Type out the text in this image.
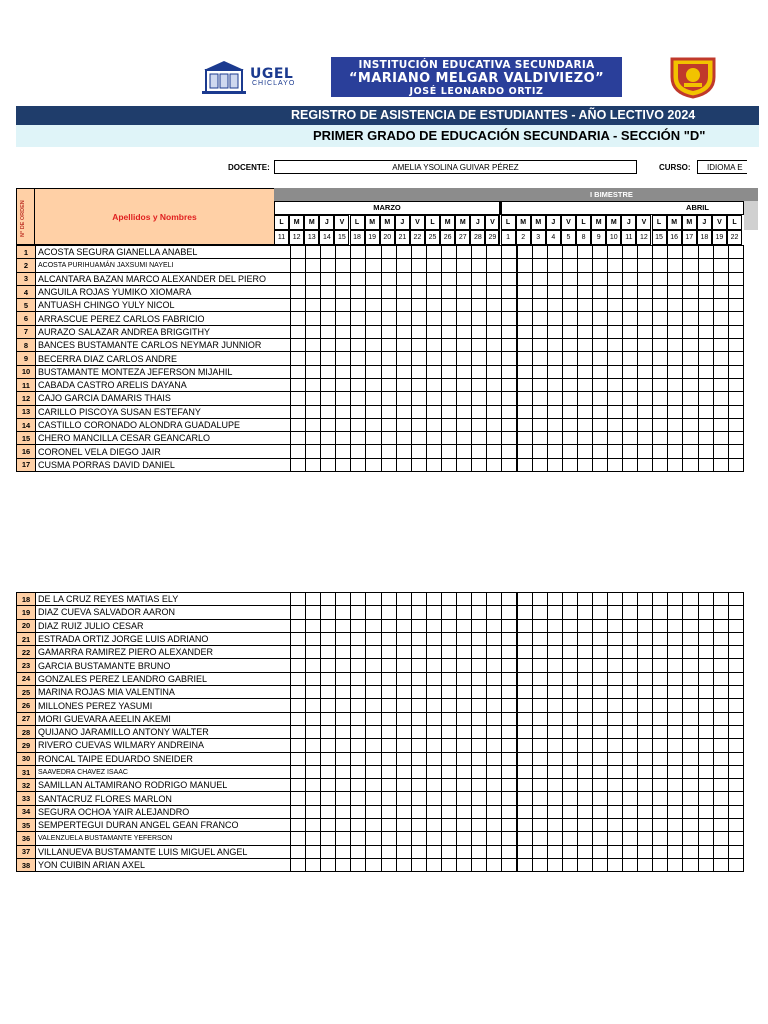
UGEL
CHICLAYO
INSTITUCIÓN EDUCATIVA SECUNDARIA
“MARIANO MELGAR VALDIVIEZO”
JOSÉ LEONARDO ORTIZ
REGISTRO DE ASISTENCIA DE ESTUDIANTES - AÑO LECTIVO 2024
PRIMER GRADO DE EDUCACIÓN SECUNDARIA - SECCIÓN "D"
DOCENTE:	AMELIA YSOLINA GUIVAR PÉREZ	CURSO:	IDIOMA E
N° DE ORDEN	Apellidos y Nombres
I BIMESTRE
MARZO	ABRIL
L	M	M	J	V	L	M	M	J	V	L	M	M	J	V	L	M	M	J	V	L	M	M	J	V	L	M	M	J	V	L
11	12	13	14	15	18	19	20	21	22	25	26	27	28 29	1	2	3	4	5	8	9	10	11	12	15	16	17	18	19	22
1	ACOSTA SEGURA GIANELLA ANABEL																														
2	ACOSTA PURIHUAMÁN JAXSUMI NAYELI																														
3	ALCANTARA BAZAN MARCO ALEXANDER DEL PIERO																														
4	ANGUILA ROJAS YUMIKO XIOMARA																														
5	ANTUASH CHINGO YULY NICOL																														
6	ARRASCUE PEREZ CARLOS FABRICIO																														
7	AURAZO SALAZAR ANDREA BRIGGITHY																														
8	BANCES BUSTAMANTE CARLOS NEYMAR JUNNIOR																														
9	BECERRA DIAZ CARLOS ANDRE																														
10	BUSTAMANTE MONTEZA JEFERSON MIJAHIL																														
11	CABADA CASTRO ARELIS DAYANA																														
12	CAJO GARCIA DAMARIS THAIS																														
13	CARILLO PISCOYA SUSAN ESTEFANY																														
14	CASTILLO CORONADO ALONDRA GUADALUPE																														
15	CHERO MANCILLA CESAR GEANCARLO																														
16	CORONEL VELA DIEGO JAIR																														
17	CUSMA PORRAS DAVID DANIEL																														
18	DE LA CRUZ REYES MATIAS ELY																														
19	DIAZ CUEVA SALVADOR AARON																														
20	DIAZ RUIZ JULIO CESAR																														
21	ESTRADA ORTIZ JORGE LUIS ADRIANO																														
22	GAMARRA RAMIREZ PIERO ALEXANDER																														
23	GARCIA BUSTAMANTE BRUNO																														
24	GONZALES PEREZ LEANDRO GABRIEL																														
25	MARINA ROJAS MIA VALENTINA																														
26	MILLONES PEREZ YASUMI																														
27	MORI GUEVARA AEELIN AKEMI																														
28	QUIJANO JARAMILLO ANTONY WALTER																														
29	RIVERO CUEVAS WILMARY ANDREINA																														
30	RONCAL TAIPE EDUARDO SNEIDER																														
31	SAAVEDRA CHAVEZ ISAAC																														
32	SAMILLAN ALTAMIRANO RODRIGO MANUEL																														
33	SANTACRUZ FLORES MARLON																														
34	SEGURA OCHOA YAIR ALEJANDRO																														
35	SEMPERTEGUI DURAN ANGEL GEAN FRANCO																														
36	VALENZUELA BUSTAMANTE YEFERSON																														
37	VILLANUEVA BUSTAMANTE LUIS MIGUEL ANGEL																														
38	YON CUIBIN ARIAN AXEL																														
